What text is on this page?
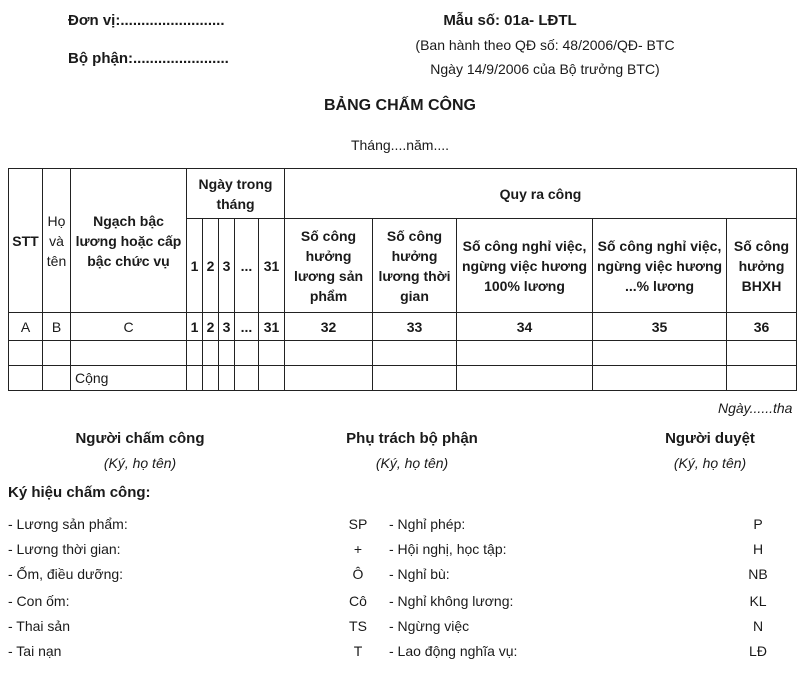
Đơn vị:.........................
Bộ phận:.......................
Mẫu số: 01a- LĐTL
(Ban hành theo QĐ số: 48/2006/QĐ- BTC
Ngày 14/9/2006 của Bộ trưởng BTC)
BẢNG CHẤM CÔNG
Tháng....năm....
STT	Họ và tên	Ngạch bậc lương hoặc cấp bậc chức vụ	Ngày trong tháng					Quy ra công				
			1	2	3	...	31	Số công hưởng lương sản phẩm	Số công hưởng lương thời gian	Số công nghỉ việc, ngừng việc hương 100% lương	Số công nghỉ việc, ngừng việc hương ...% lương	Số công hưởng BHXH
A	B	C	1	2	3	...	31	32	33	34	35	36

		Cộng										
Ngày......tha
Người chấm công
(Ký, họ tên)
Phụ trách bộ phận
(Ký, họ tên)
Người duyệt
(Ký, họ tên)
Ký hiệu chấm công:
- Lương sản phẩm:	SP
- Lương thời gian:	+
- Ốm, điều dưỡng:	Ô
- Con ốm:	Cô
- Thai sản	TS
- Tai nạn	T
- Nghỉ phép:	P
- Hội nghị, học tập:	H
- Nghỉ bù:	NB
- Nghỉ không lương:	KL
- Ngừng việc	N
- Lao động nghĩa vụ:	LĐ
